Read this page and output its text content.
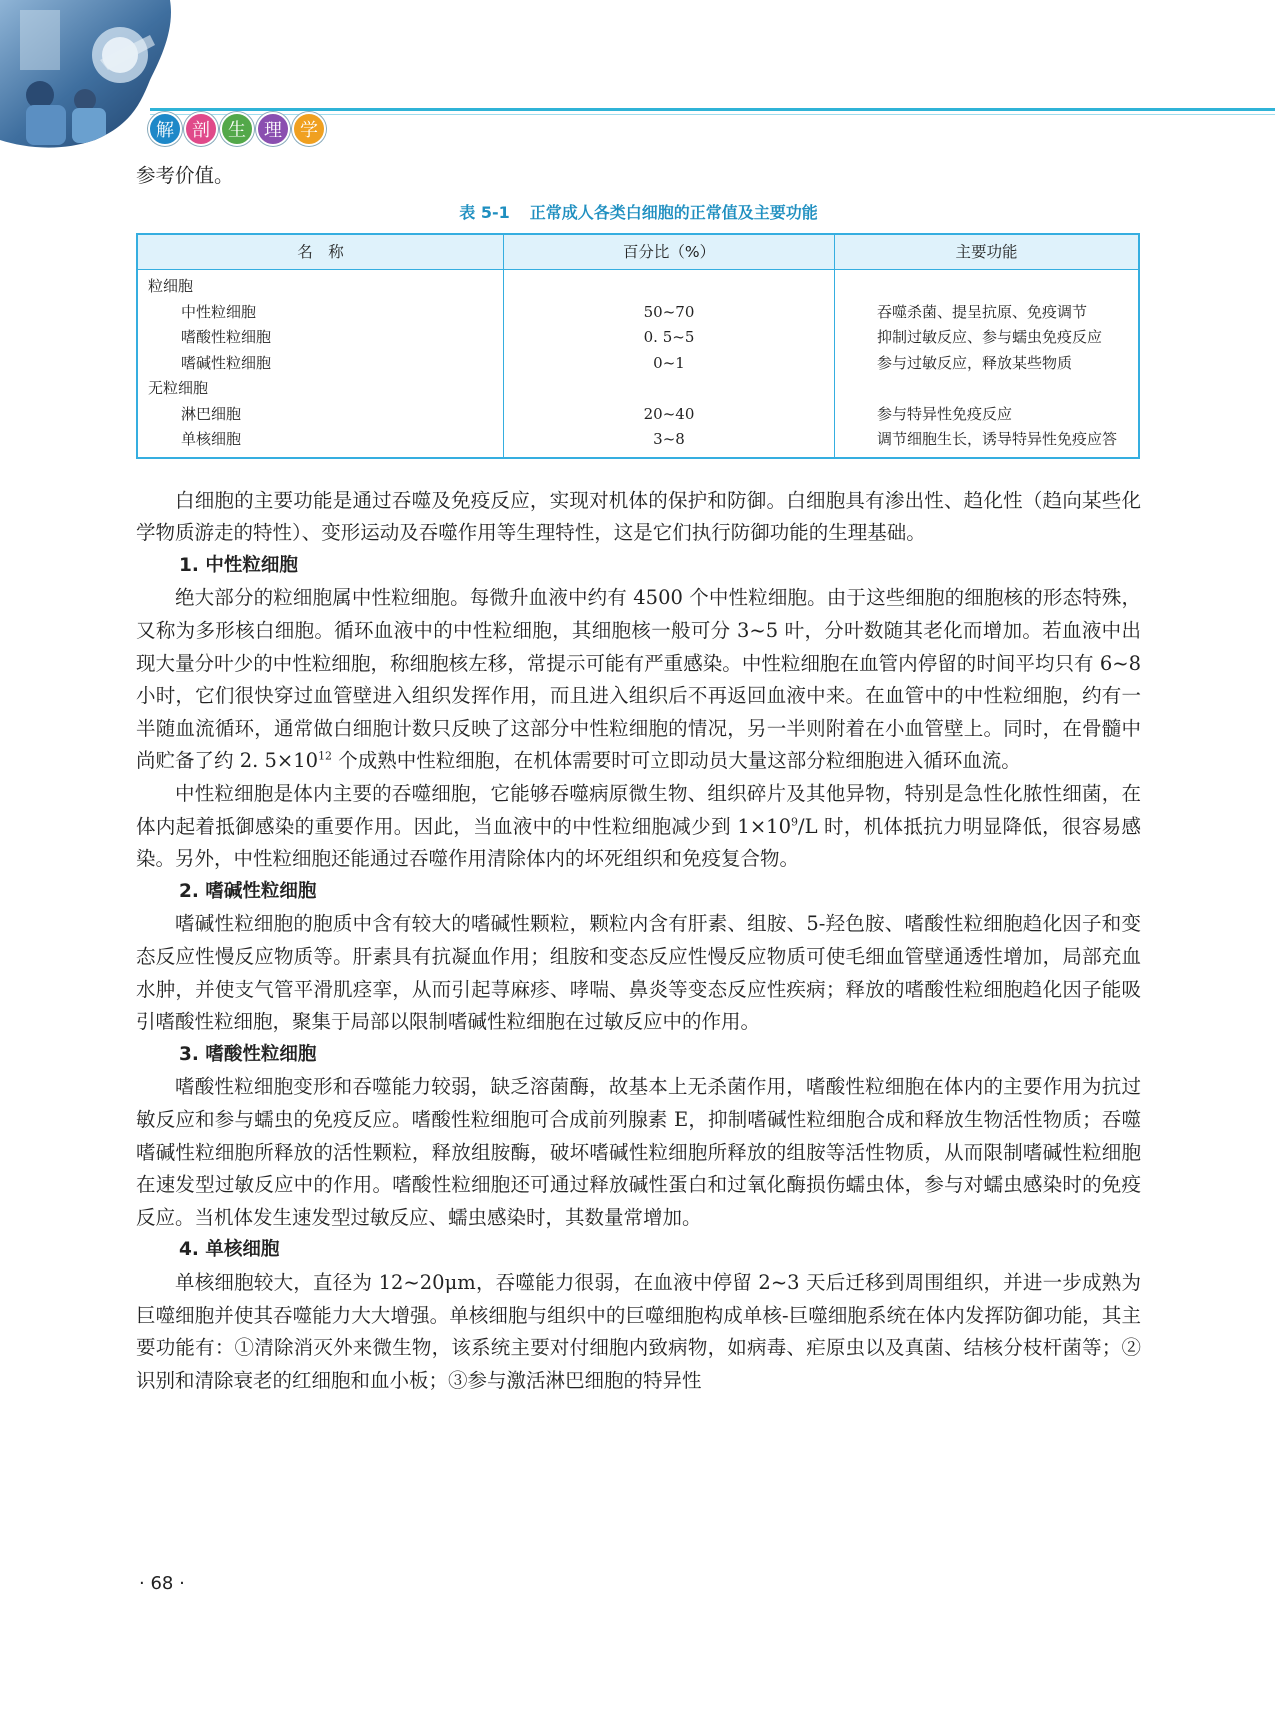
解	剖	生	理	学

参考价值。

表 5-1 正常成人各类白细胞的正常值及主要功能
名　称	百分比（%）	主要功能
粒细胞		
中性粒细胞	50~70	吞噬杀菌、提呈抗原、免疫调节
嗜酸性粒细胞	0. 5~5	抑制过敏反应、参与蠕虫免疫反应
嗜碱性粒细胞	0~1	参与过敏反应，释放某些物质
无粒细胞		
淋巴细胞	20~40	参与特异性免疫反应
单核细胞	3~8	调节细胞生长，诱导特异性免疫应答

白细胞的主要功能是通过吞噬及免疫反应，实现对机体的保护和防御。白细胞具有渗出性、趋化性（趋向某些化学物质游走的特性）、变形运动及吞噬作用等生理特性，这是它们执行防御功能的生理基础。

1. 中性粒细胞

绝大部分的粒细胞属中性粒细胞。每微升血液中约有 4500 个中性粒细胞。由于这些细胞的细胞核的形态特殊，又称为多形核白细胞。循环血液中的中性粒细胞，其细胞核一般可分 3~5 叶，分叶数随其老化而增加。若血液中出现大量分叶少的中性粒细胞，称细胞核左移，常提示可能有严重感染。中性粒细胞在血管内停留的时间平均只有 6~8 小时，它们很快穿过血管壁进入组织发挥作用，而且进入组织后不再返回血液中来。在血管中的中性粒细胞，约有一半随血流循环，通常做白细胞计数只反映了这部分中性粒细胞的情况，另一半则附着在小血管壁上。同时，在骨髓中尚贮备了约 2. $5\times 10^{12}$ 个成熟中性粒细胞，在机体需要时可立即动员大量这部分粒细胞进入循环血流。

中性粒细胞是体内主要的吞噬细胞，它能够吞噬病原微生物、组织碎片及其他异物，特别是急性化脓性细菌，在体内起着抵御感染的重要作用。因此，当血液中的中性粒细胞减少到 $1\times 10^9/L$ 时，机体抵抗力明显降低，很容易感染。另外，中性粒细胞还能通过吞噬作用清除体内的坏死组织和免疫复合物。

2. 嗜碱性粒细胞

嗜碱性粒细胞的胞质中含有较大的嗜碱性颗粒，颗粒内含有肝素、组胺、5-羟色胺、嗜酸性粒细胞趋化因子和变态反应性慢反应物质等。肝素具有抗凝血作用；组胺和变态反应性慢反应物质可使毛细血管壁通透性增加，局部充血水肿，并使支气管平滑肌痉挛，从而引起荨麻疹、哮喘、鼻炎等变态反应性疾病；释放的嗜酸性粒细胞趋化因子能吸引嗜酸性粒细胞，聚集于局部以限制嗜碱性粒细胞在过敏反应中的作用。

3. 嗜酸性粒细胞

嗜酸性粒细胞变形和吞噬能力较弱，缺乏溶菌酶，故基本上无杀菌作用，嗜酸性粒细胞在体内的主要作用为抗过敏反应和参与蠕虫的免疫反应。嗜酸性粒细胞可合成前列腺素 E，抑制嗜碱性粒细胞合成和释放生物活性物质；吞噬嗜碱性粒细胞所释放的活性颗粒，释放组胺酶，破坏嗜碱性粒细胞所释放的组胺等活性物质，从而限制嗜碱性粒细胞在速发型过敏反应中的作用。嗜酸性粒细胞还可通过释放碱性蛋白和过氧化酶损伤蠕虫体，参与对蠕虫感染时的免疫反应。当机体发生速发型过敏反应、蠕虫感染时，其数量常增加。

4. 单核细胞

单核细胞较大，直径为 12~20μm，吞噬能力很弱，在血液中停留 2~3 天后迁移到周围组织，并进一步成熟为巨噬细胞并使其吞噬能力大大增强。单核细胞与组织中的巨噬细胞构成单核-巨噬细胞系统在体内发挥防御功能，其主要功能有：①清除消灭外来微生物，该系统主要对付细胞内致病物，如病毒、疟原虫以及真菌、结核分枝杆菌等；②识别和清除衰老的红细胞和血小板；③参与激活淋巴细胞的特异性

· 68 ·
